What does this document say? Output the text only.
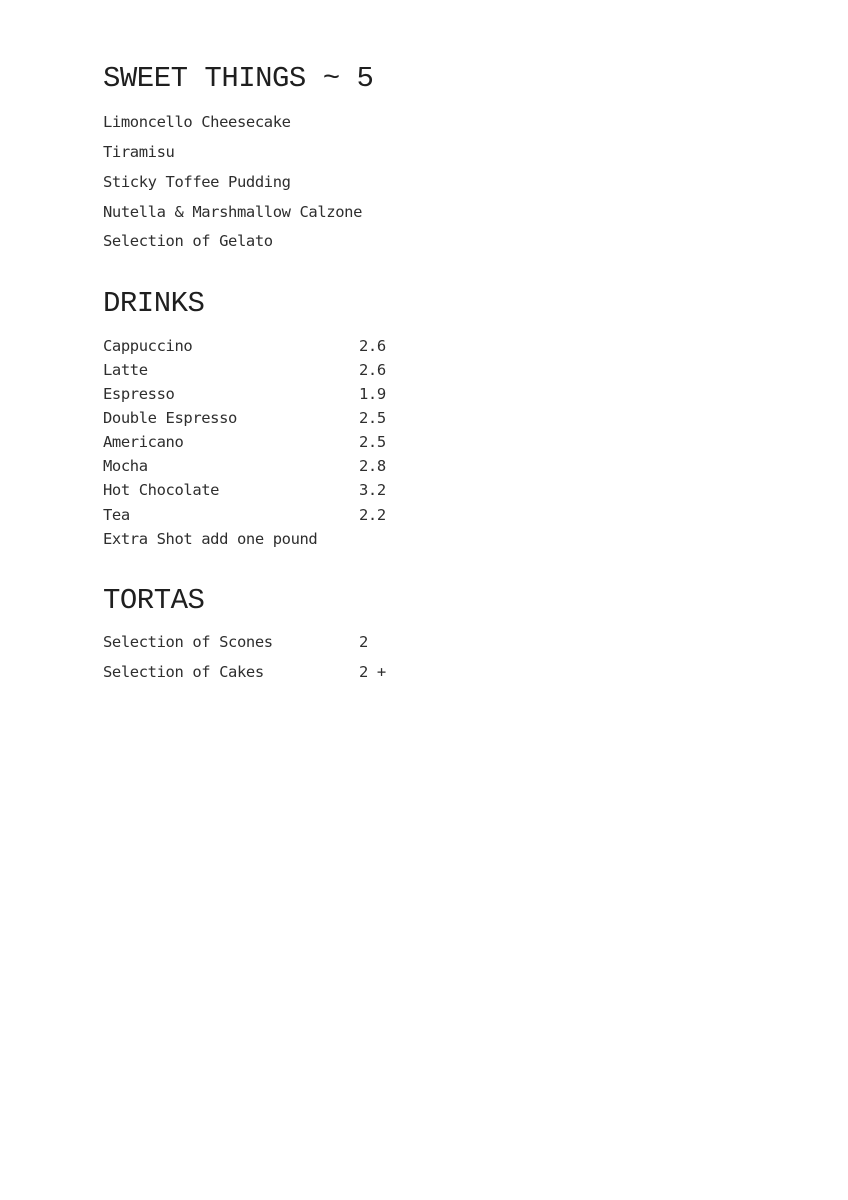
SWEET THINGS ~ 5
Limoncello Cheesecake
Tiramisu
Sticky Toffee Pudding
Nutella & Marshmallow Calzone
Selection of Gelato
DRINKS
Cappuccino	2.6
Latte	2.6
Espresso	1.9
Double Espresso	2.5
Americano	2.5
Mocha	2.8
Hot Chocolate	3.2
Tea	2.2
Extra Shot add one pound
TORTAS
Selection of Scones	2
Selection of Cakes	2 +
